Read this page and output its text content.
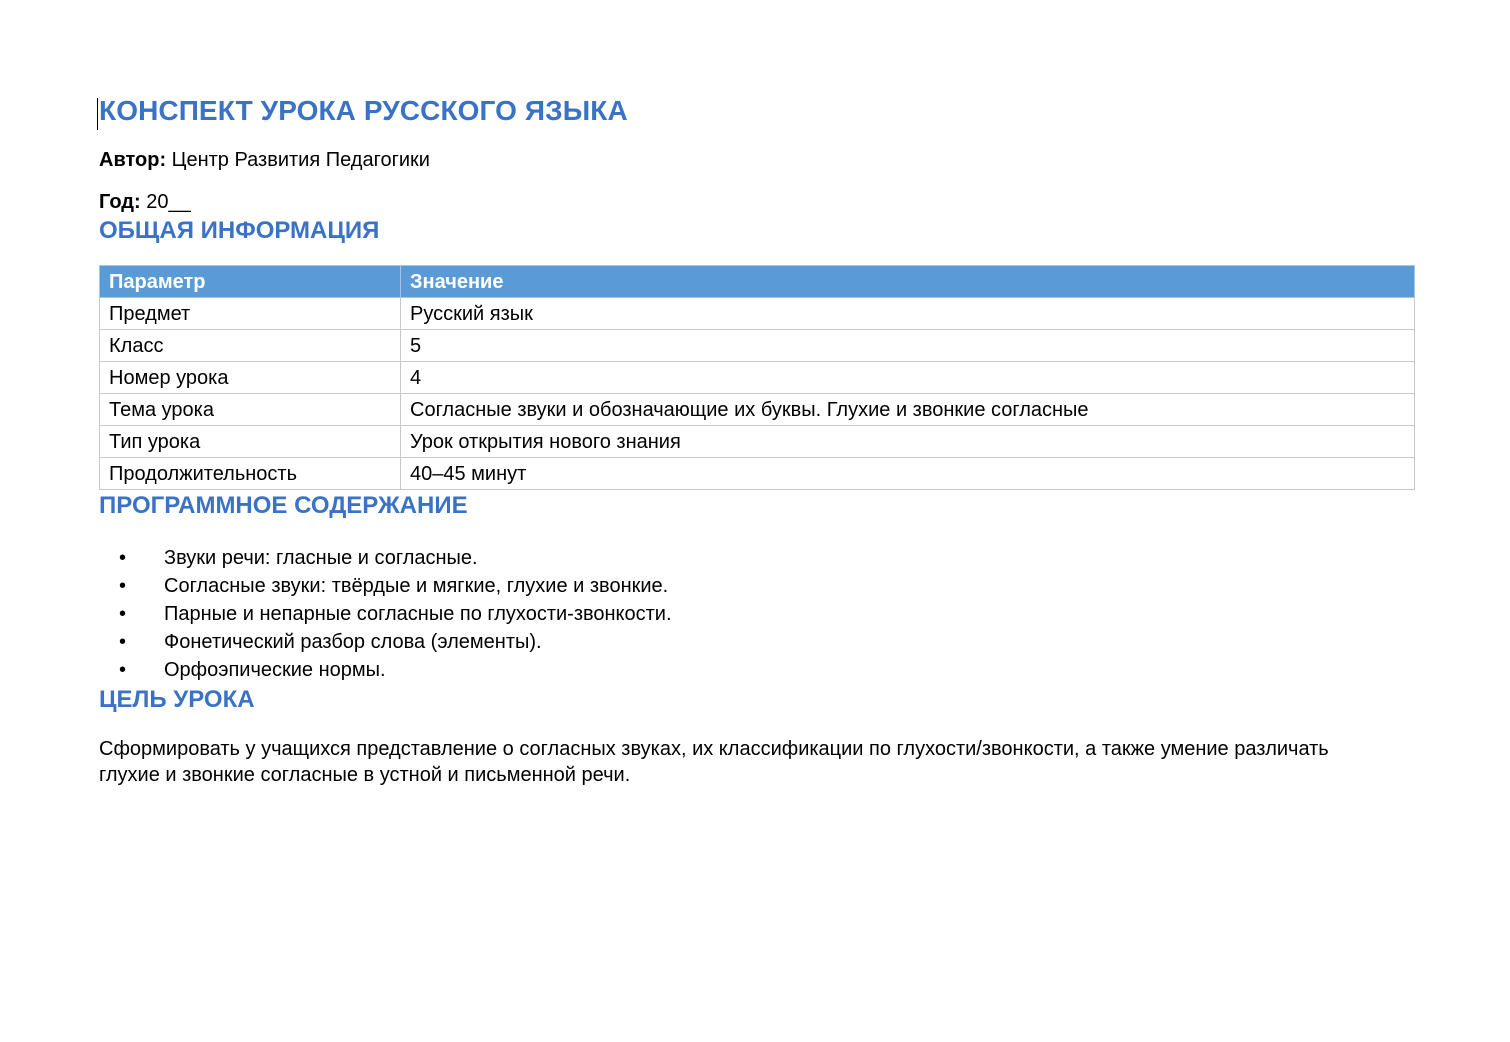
КОНСПЕКТ УРОКА РУССКОГО ЯЗЫКА

Автор: Центр Развития Педагогики

Год: 20__

ОБЩАЯ ИНФОРМАЦИЯ
Параметр	Значение
Предмет	Русский язык
Класс	5
Номер урока	4
Тема урока	Согласные звуки и обозначающие их буквы. Глухие и звонкие согласные
Тип урока	Урок открытия нового знания
Продолжительность	40–45 минут
ПРОГРАММНОЕ СОДЕРЖАНИЕ
• Звуки речи: гласные и согласные.
• Согласные звуки: твёрдые и мягкие, глухие и звонкие.
• Парные и непарные согласные по глухости-звонкости.
• Фонетический разбор слова (элементы).
• Орфоэпические нормы.
ЦЕЛЬ УРОКА

Сформировать у учащихся представление о согласных звуках, их классификации по глухости/звонкости, а также умение различать глухие и звонкие согласные в устной и письменной речи.
